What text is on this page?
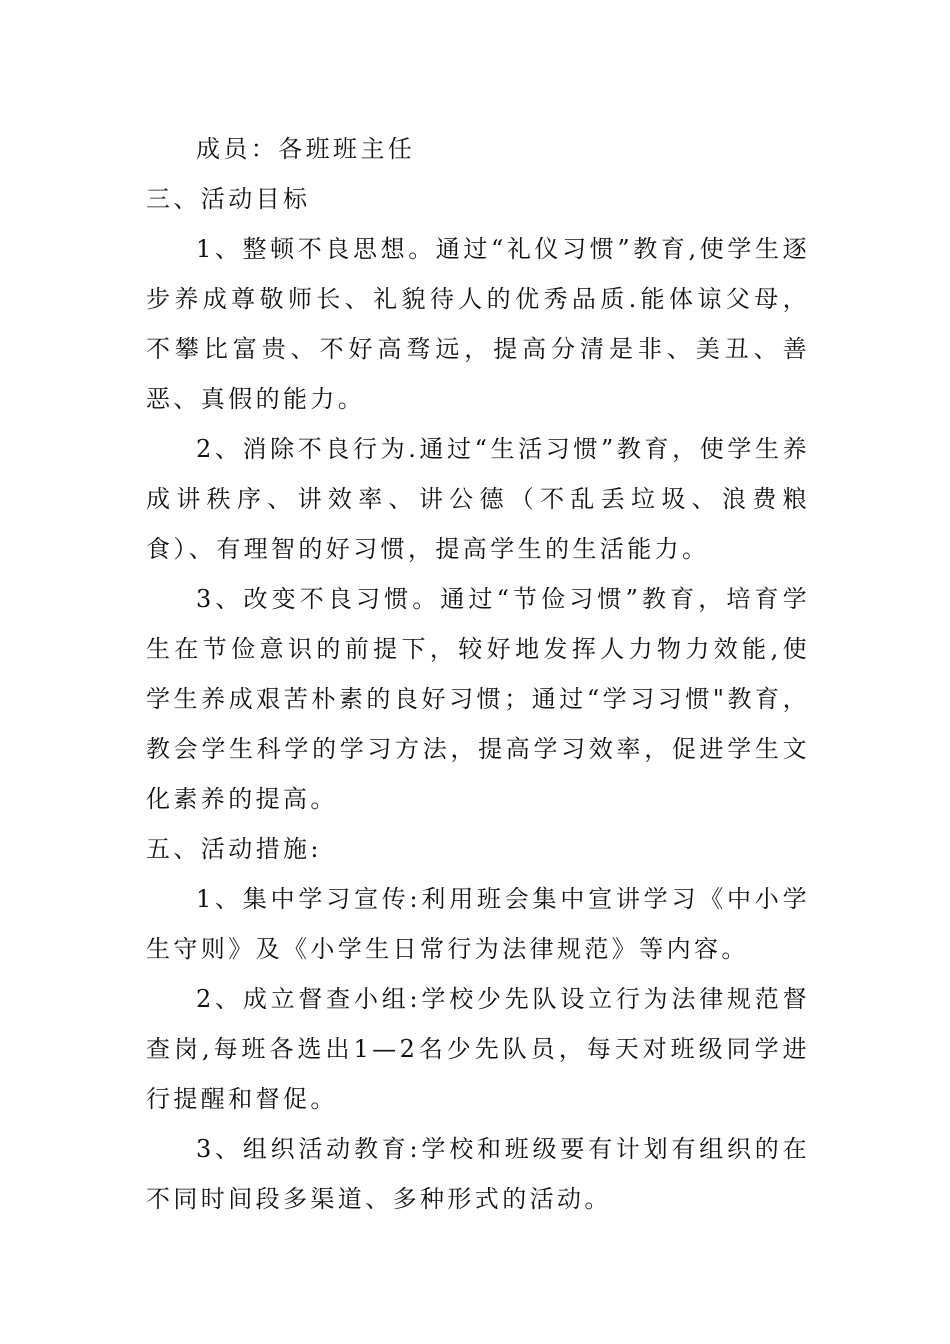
成员：各班班主任

三、活动目标

1、整顿不良思想。通过“礼仪习惯”教育,使学生逐步养成尊敬师长、礼貌待人的优秀品质.能体谅父母，不攀比富贵、不好高骛远，提高分清是非、美丑、善恶、真假的能力。

2、消除不良行为.通过“生活习惯”教育，使学生养成讲秩序、讲效率、讲公德（不乱丢垃圾、浪费粮食）、有理智的好习惯，提高学生的生活能力。

3、改变不良习惯。通过“节俭习惯”教育，培育学生在节俭意识的前提下，较好地发挥人力物力效能,使学生养成艰苦朴素的良好习惯；通过“学习习惯"教育，教会学生科学的学习方法，提高学习效率，促进学生文化素养的提高。

五、活动措施:

1、集中学习宣传:利用班会集中宣讲学习《中小学生守则》及《小学生日常行为法律规范》等内容。

2、成立督查小组:学校少先队设立行为法律规范督查岗,每班各选出1—2名少先队员，每天对班级同学进行提醒和督促。

3、组织活动教育:学校和班级要有计划有组织的在不同时间段多渠道、多种形式的活动。
